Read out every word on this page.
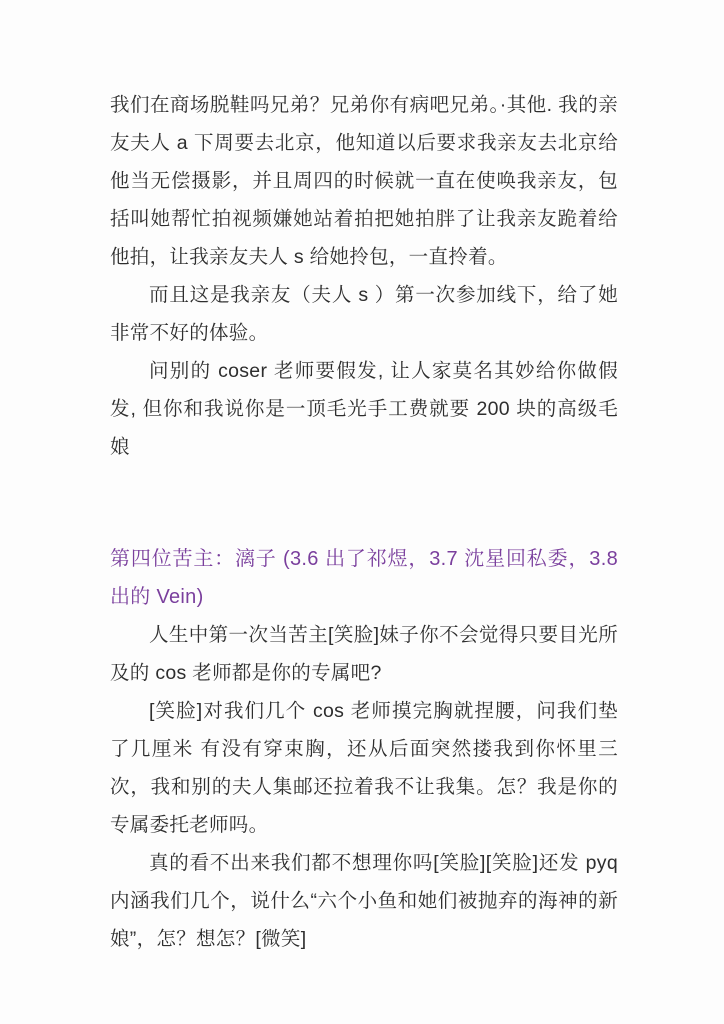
我们在商场脱鞋吗兄弟？兄弟你有病吧兄弟。·其他. 我的亲友夫人 a 下周要去北京，他知道以后要求我亲友去北京给他当无偿摄影，并且周四的时候就一直在使唤我亲友，包括叫她帮忙拍视频嫌她站着拍把她拍胖了让我亲友跪着给他拍，让我亲友夫人 s 给她拎包，一直拎着。

而且这是我亲友（夫人 s ）第一次参加线下，给了她非常不好的体验。

问别的 coser 老师要假发, 让人家莫名其妙给你做假发, 但你和我说你是一顶毛光手工费就要 200 块的高级毛娘

第四位苦主：漓子 (3.6 出了祁煜，3.7 沈星回私委，3.8 出的 Vein)

人生中第一次当苦主[笑脸]妹子你不会觉得只要目光所及的 cos 老师都是你的专属吧?

[笑脸]对我们几个 cos 老师摸完胸就捏腰，问我们垫了几厘米 有没有穿束胸，还从后面突然搂我到你怀里三次，我和别的夫人集邮还拉着我不让我集。怎？我是你的专属委托老师吗。

真的看不出来我们都不想理你吗[笑脸][笑脸]还发 pyq 内涵我们几个，说什么“六个小鱼和她们被抛弃的海神的新娘”，怎？想怎？[微笑]
